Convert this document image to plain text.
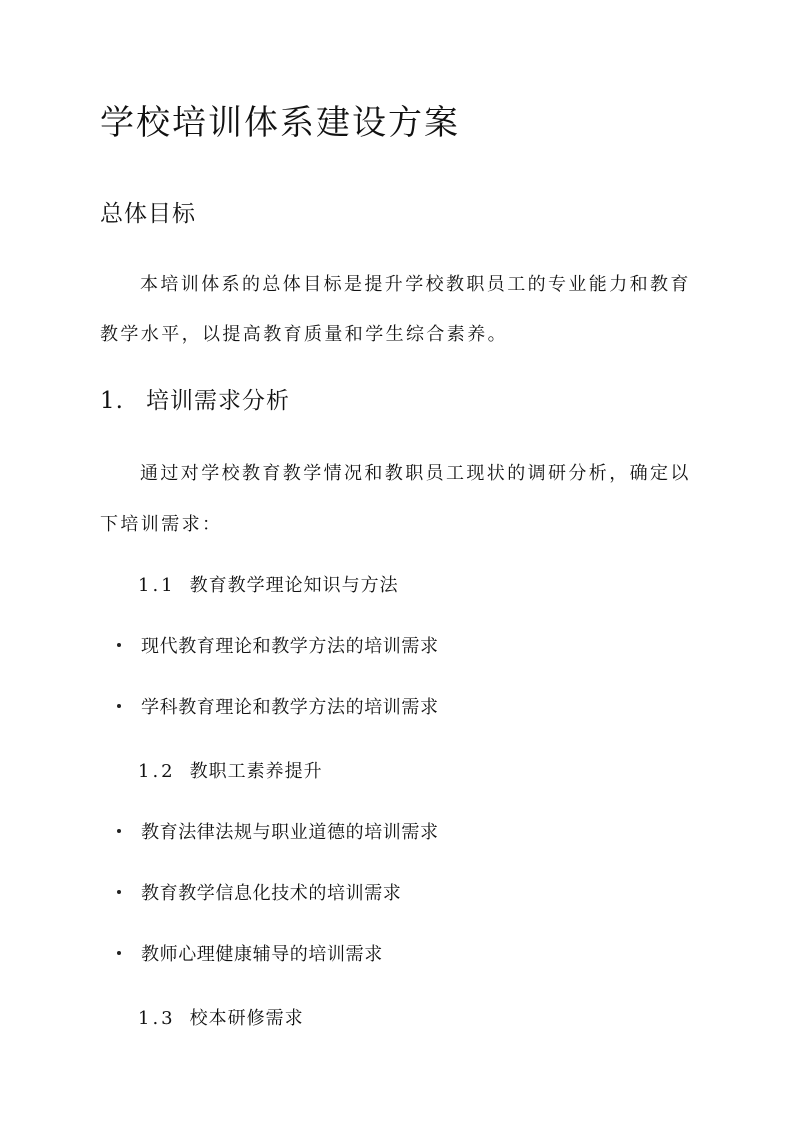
学校培训体系建设方案
总体目标
本培训体系的总体目标是提升学校教职员工的专业能力和教育
教学水平，以提高教育质量和学生综合素养。
1. 培训需求分析
通过对学校教育教学情况和教职员工现状的调研分析，确定以
下培训需求：
1.1 教育教学理论知识与方法
现代教育理论和教学方法的培训需求
学科教育理论和教学方法的培训需求
1.2 教职工素养提升
教育法律法规与职业道德的培训需求
教育教学信息化技术的培训需求
教师心理健康辅导的培训需求
1.3 校本研修需求
